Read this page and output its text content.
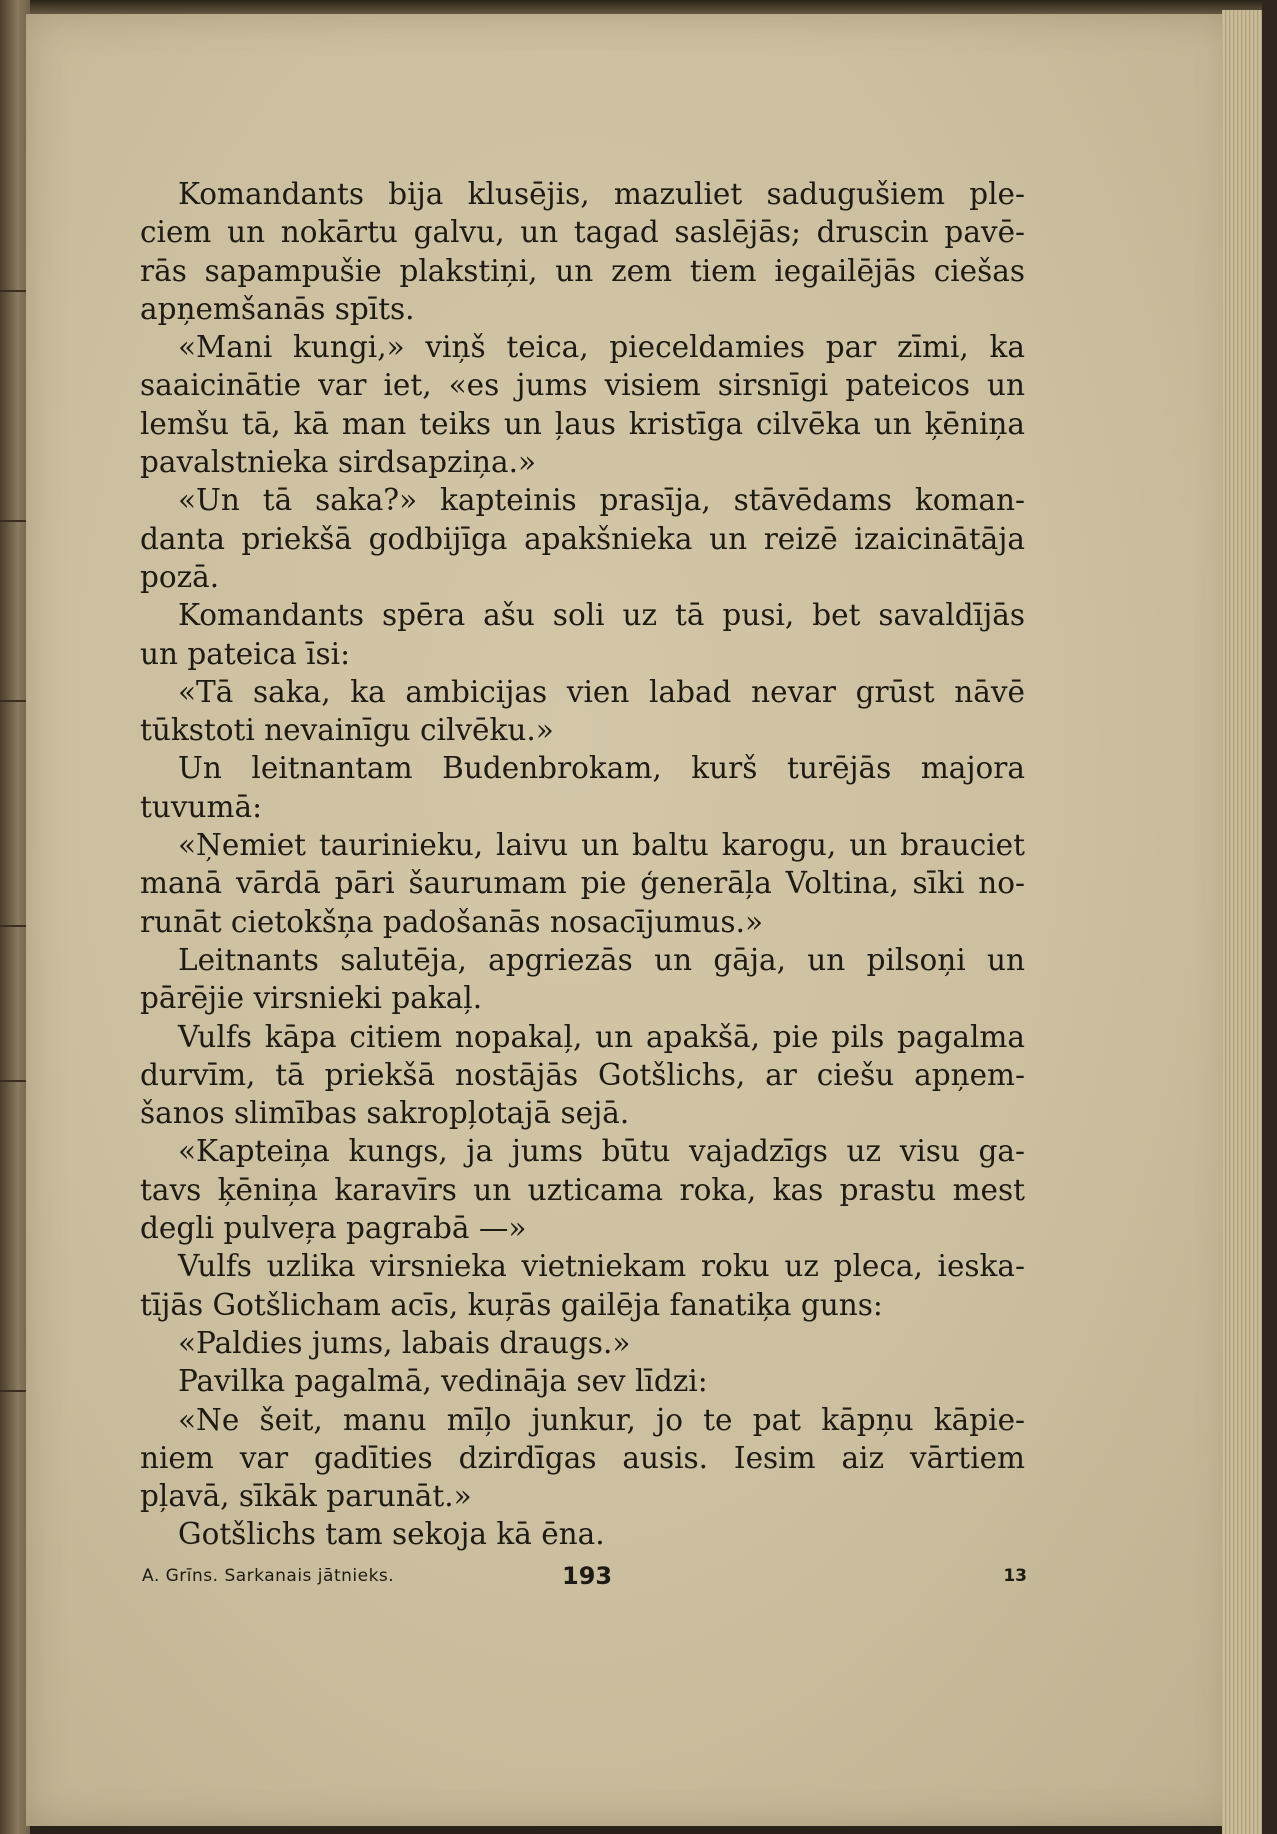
Komandants bija klusējis, mazuliet sadugušiem ple-
ciem un nokārtu galvu, un tagad saslējās; druscin pavē-
rās sapampušie plakstiņi, un zem tiem iegailējās ciešas
apņemšanās spīts.
«Mani kungi,» viņš teica, pieceldamies par zīmi, ka
saaicinātie var iet, «es jums visiem sirsnīgi pateicos un
lemšu tā, kā man teiks un ļaus kristīga cilvēka un ķēniņa
pavalstnieka sirdsapziņa.»
«Un tā saka?» kapteinis prasīja, stāvēdams koman-
danta priekšā godbijīga apakšnieka un reizē izaicinātāja
pozā.
Komandants spēra ašu soli uz tā pusi, bet savaldījās
un pateica īsi:
«Tā saka, ka ambicijas vien labad nevar grūst nāvē
tūkstoti nevainīgu cilvēku.»
Un leitnantam Budenbrokam, kurš turējās majora
tuvumā:
«Ņemiet taurinieku, laivu un baltu karogu, un brauciet
manā vārdā pāri šaurumam pie ģenerāļa Voltina, sīki no-
runāt cietokšņa padošanās nosacījumus.»
Leitnants salutēja, apgriezās un gāja, un pilsoņi un
pārējie virsnieki pakaļ.
Vulfs kāpa citiem nopakaļ, un apakšā, pie pils pagalma
durvīm, tā priekšā nostājās Gotšlichs, ar ciešu apņem-
šanos slimības sakropļotajā sejā.
«Kapteiņa kungs, ja jums būtu vajadzīgs uz visu ga-
tavs ķēniņa karavīrs un uzticama roka, kas prastu mest
degli pulveŗa pagrabā —»
Vulfs uzlika virsnieka vietniekam roku uz pleca, ieska-
tījās Gotšlicham acīs, kuŗās gailēja fanatiķa guns:
«Paldies jums, labais draugs.»
Pavilka pagalmā, vedināja sev līdzi:
«Ne šeit, manu mīļo junkur, jo te pat kāpņu kāpie-
niem var gadīties dzirdīgas ausis. Iesim aiz vārtiem
pļavā, sīkāk parunāt.»
Gotšlichs tam sekoja kā ēna.
A. Grīns. Sarkanais jātnieks.	193	13
